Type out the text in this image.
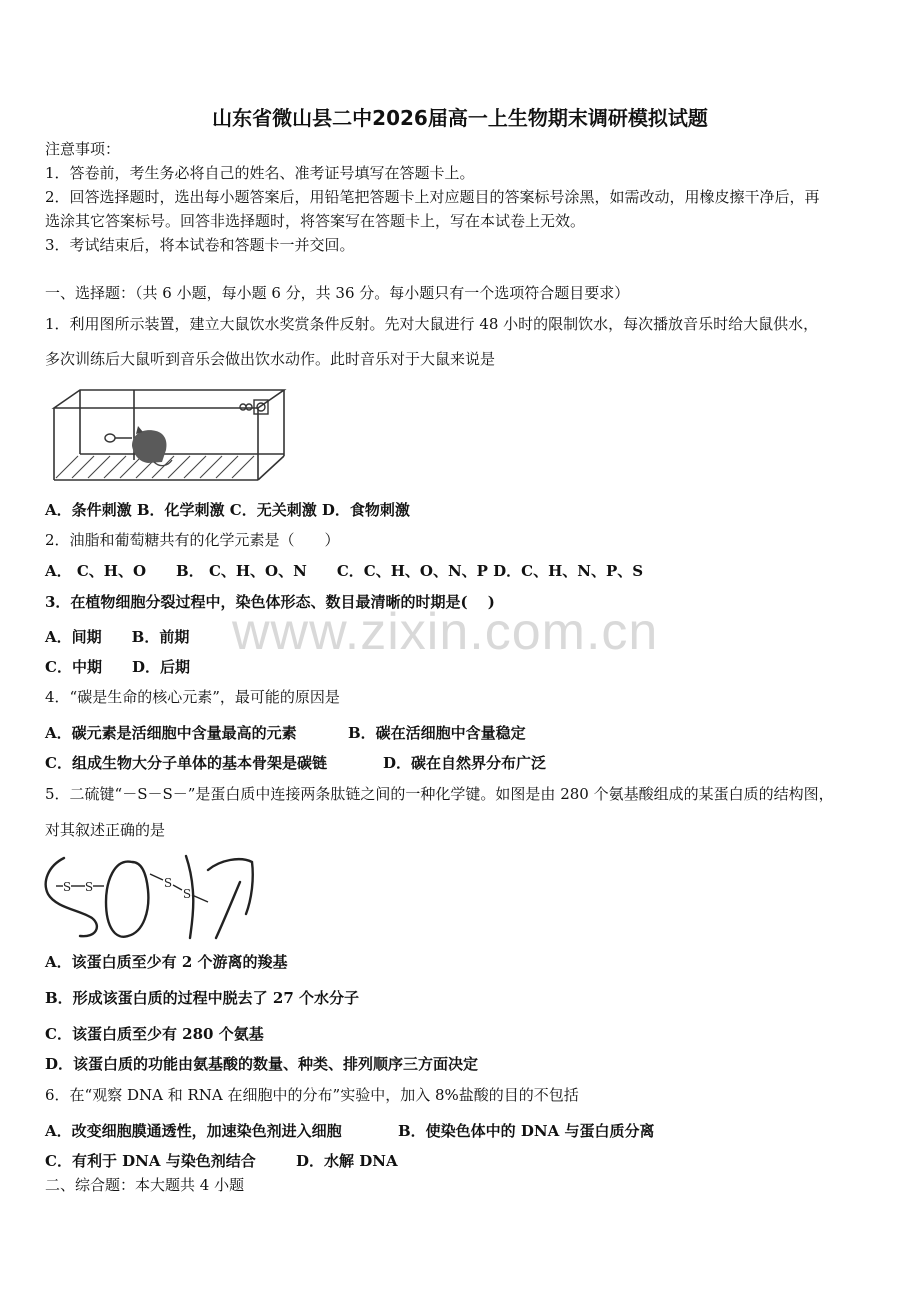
www.zixin.com.cn
山东省微山县二中2026届高一上生物期末调研模拟试题
注意事项：
1．答卷前，考生务必将自己的姓名、准考证号填写在答题卡上。
2．回答选择题时，选出每小题答案后，用铅笔把答题卡上对应题目的答案标号涂黑，如需改动，用橡皮擦干净后，再
选涂其它答案标号。回答非选择题时，将答案写在答题卡上，写在本试卷上无效。
3．考试结束后，将本试卷和答题卡一并交回。
一、选择题：（共 6 小题，每小题 6 分，共 36 分。每小题只有一个选项符合题目要求）
1．利用图所示装置，建立大鼠饮水奖赏条件反射。先对大鼠进行 48 小时的限制饮水，每次播放音乐时给大鼠供水，
多次训练后大鼠听到音乐会做出饮水动作。此时音乐对于大鼠来说是
A．条件刺激 B．化学刺激 C．无关刺激 D．食物刺激
2．油脂和葡萄糖共有的化学元素是（　　）
A． C、H、O　　B． C、H、O、N　　C．C、H、O、N、P D．C、H、N、P、S
3．在植物细胞分裂过程中，染色体形态、数目最清晰的时期是(　 )
A．间期　　B．前期
C．中期　　D．后期
4．“碳是生命的核心元素”，最可能的原因是
A．碳元素是活细胞中含量最高的元素	B．碳在活细胞中含量稳定
C．组成生物大分子单体的基本骨架是碳链	D．碳在自然界分布广泛
5．二硫键“－S－S－”是蛋白质中连接两条肽链之间的一种化学键。如图是由 280 个氨基酸组成的某蛋白质的结构图，
对其叙述正确的是
S S	S
S
A．该蛋白质至少有 2 个游离的羧基
B．形成该蛋白质的过程中脱去了 27 个水分子
C．该蛋白质至少有 280 个氨基
D．该蛋白质的功能由氨基酸的数量、种类、排列顺序三方面决定
6．在“观察 DNA 和 RNA 在细胞中的分布”实验中，加入 8%盐酸的目的不包括
A．改变细胞膜通透性，加速染色剂进入细胞	B．使染色体中的 DNA 与蛋白质分离
C．有利于 DNA 与染色剂结合	D．水解 DNA
二、综合题：本大题共 4 小题
